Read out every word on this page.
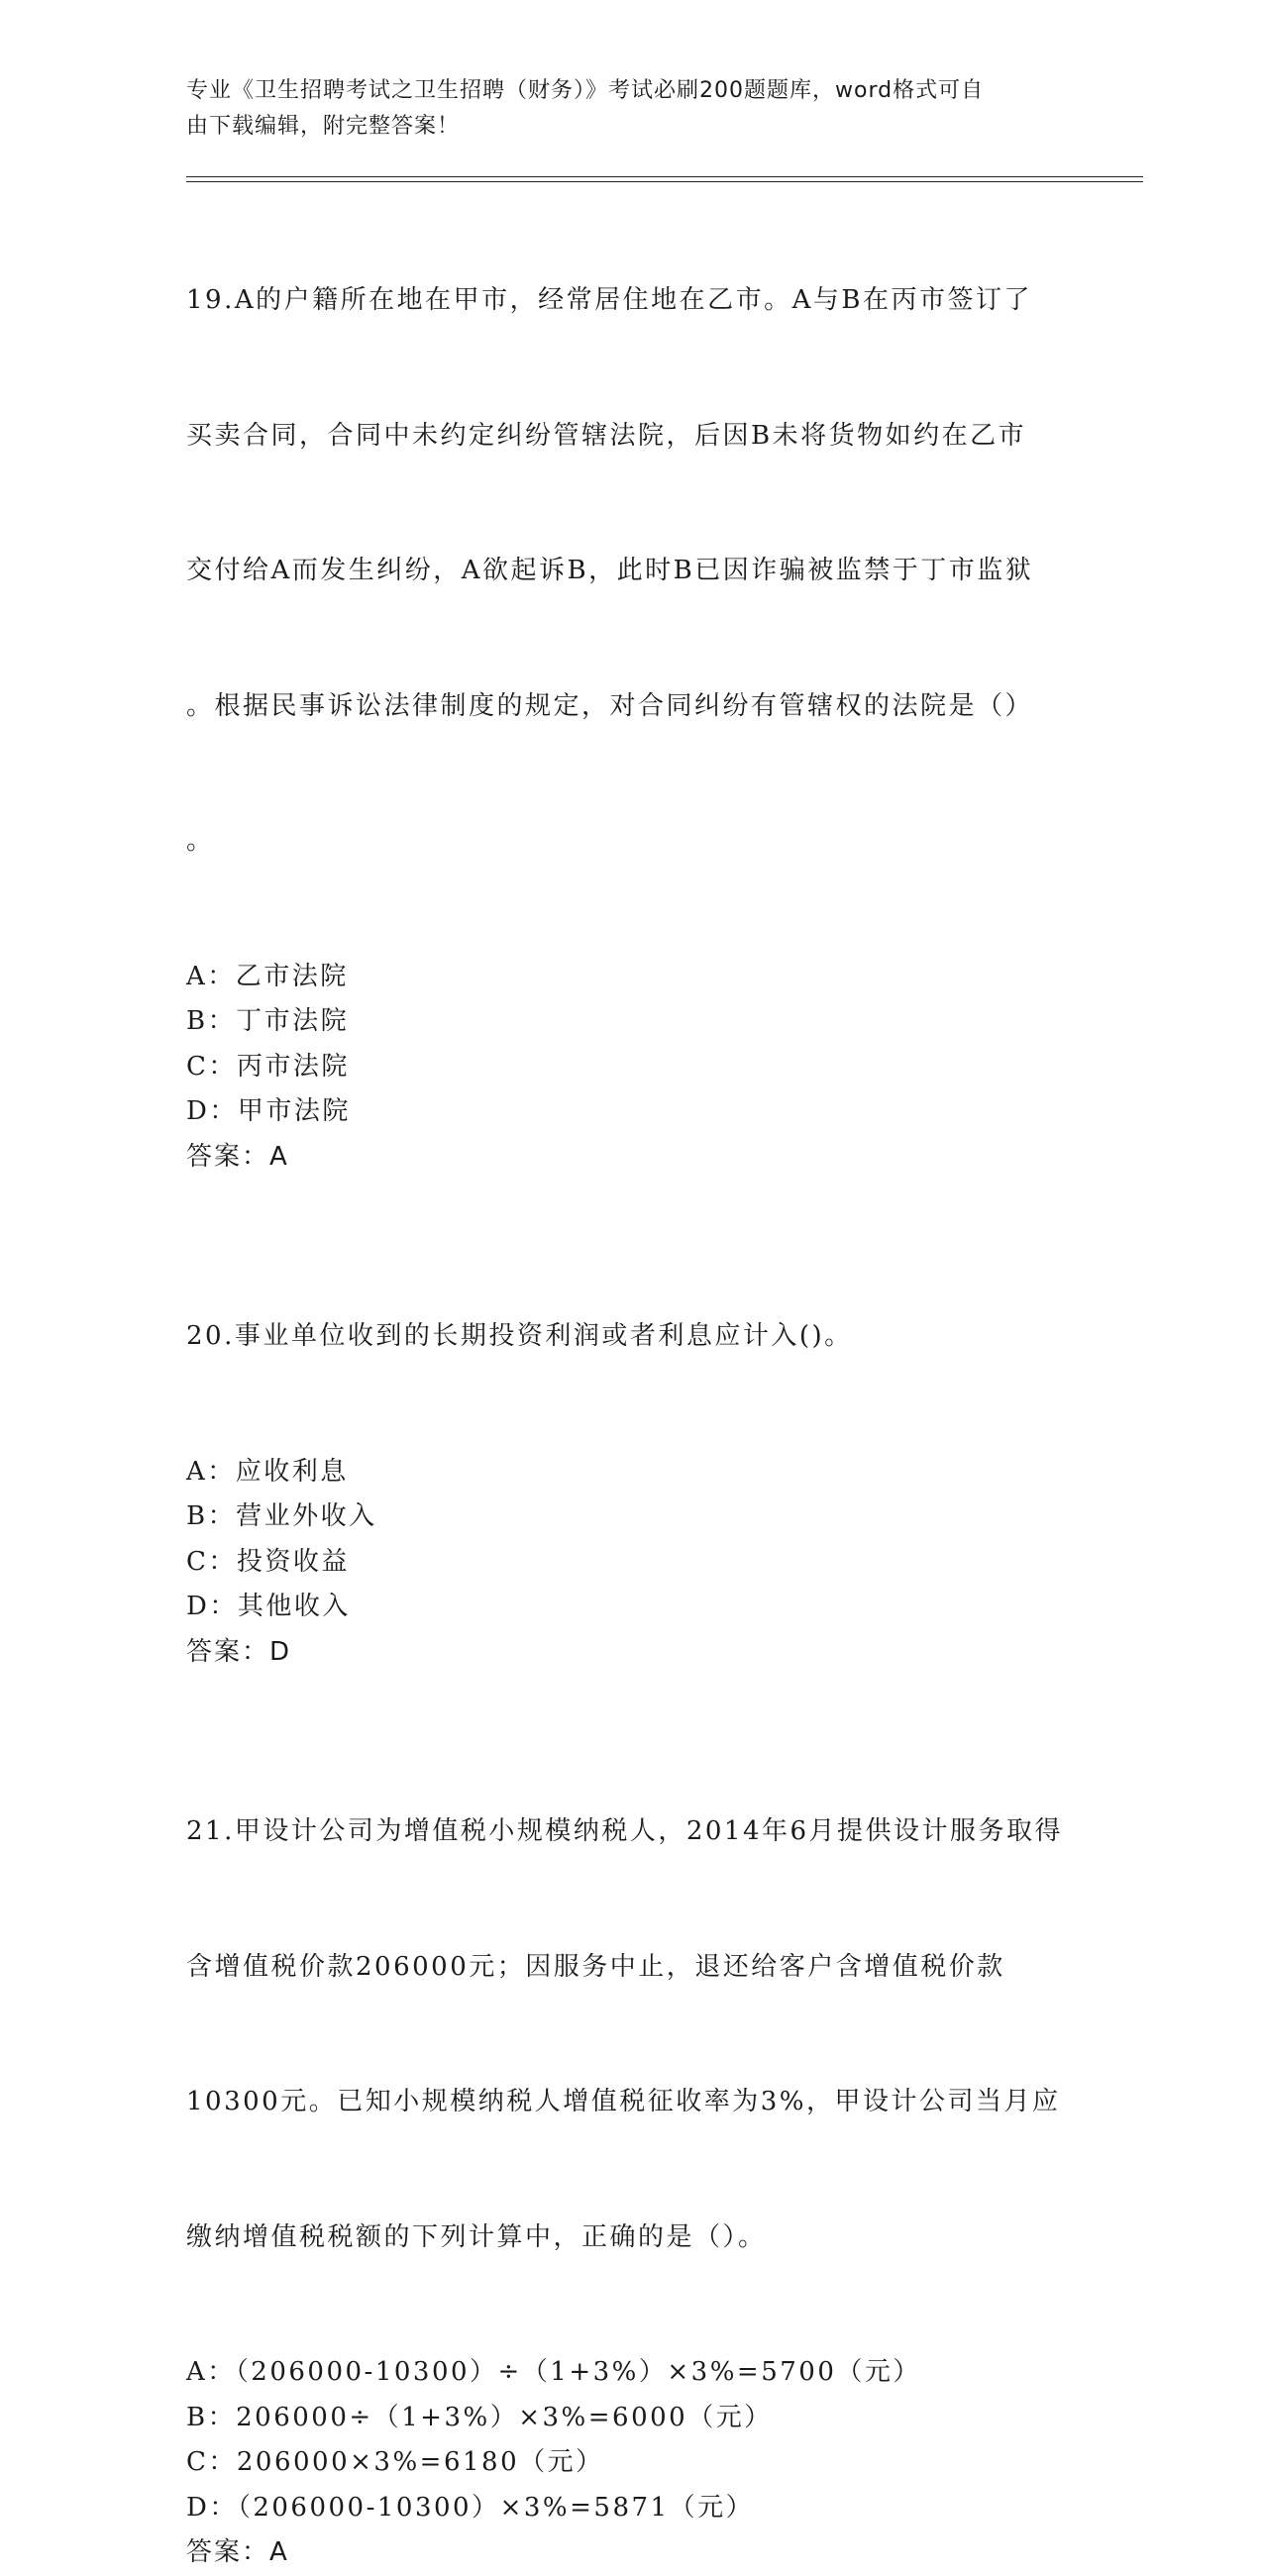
专业《卫生招聘考试之卫生招聘（财务）》考试必刷200题题库，word格式可自
由下载编辑，附完整答案！

19.A的户籍所在地在甲市，经常居住地在乙市。A与B在丙市签订了

买卖合同，合同中未约定纠纷管辖法院，后因B未将货物如约在乙市

交付给A而发生纠纷，A欲起诉B，此时B已因诈骗被监禁于丁市监狱

。根据民事诉讼法律制度的规定，对合同纠纷有管辖权的法院是（）

。

A：乙市法院
B：丁市法院
C：丙市法院
D：甲市法院
答案：A

20.事业单位收到的长期投资利润或者利息应计入()。

A：应收利息
B：营业外收入
C：投资收益
D：其他收入
答案：D

21.甲设计公司为增值税小规模纳税人，2014年6月提供设计服务取得

含增值税价款206000元；因服务中止，退还给客户含增值税价款

10300元。已知小规模纳税人增值税征收率为3%，甲设计公司当月应

缴纳增值税税额的下列计算中，正确的是（）。

A：（206000-10300）÷（1+3%）×3%=5700（元）
B：206000÷（1+3%）×3%=6000（元）
C：206000×3%=6180（元）
D：（206000-10300）×3%=5871（元）
答案：A
